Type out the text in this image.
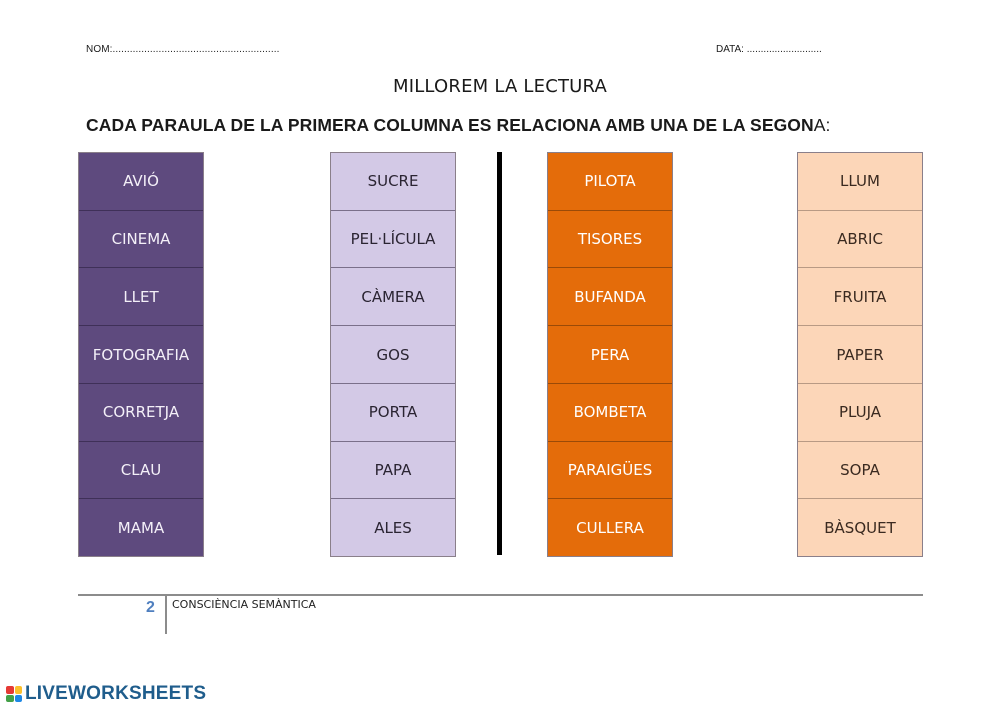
NOM:..........................................................	DATA: ...........................
MILLOREM LA LECTURA
CADA PARAULA DE LA PRIMERA COLUMNA ES RELACIONA AMB UNA DE LA SEGONA:
AVIÓ
CINEMA
LLET
FOTOGRAFIA
CORRETJA
CLAU
MAMA
SUCRE
PEL·LÍCULA
CÀMERA
GOS
PORTA
PAPA
ALES
PILOTA
TISORES
BUFANDA
PERA
BOMBETA
PARAIGÜES
CULLERA
LLUM
ABRIC
FRUITA
PAPER
PLUJA
SOPA
BÀSQUET
2 CONSCIÈNCIA SEMÀNTICA
LIVEWORKSHEETS
